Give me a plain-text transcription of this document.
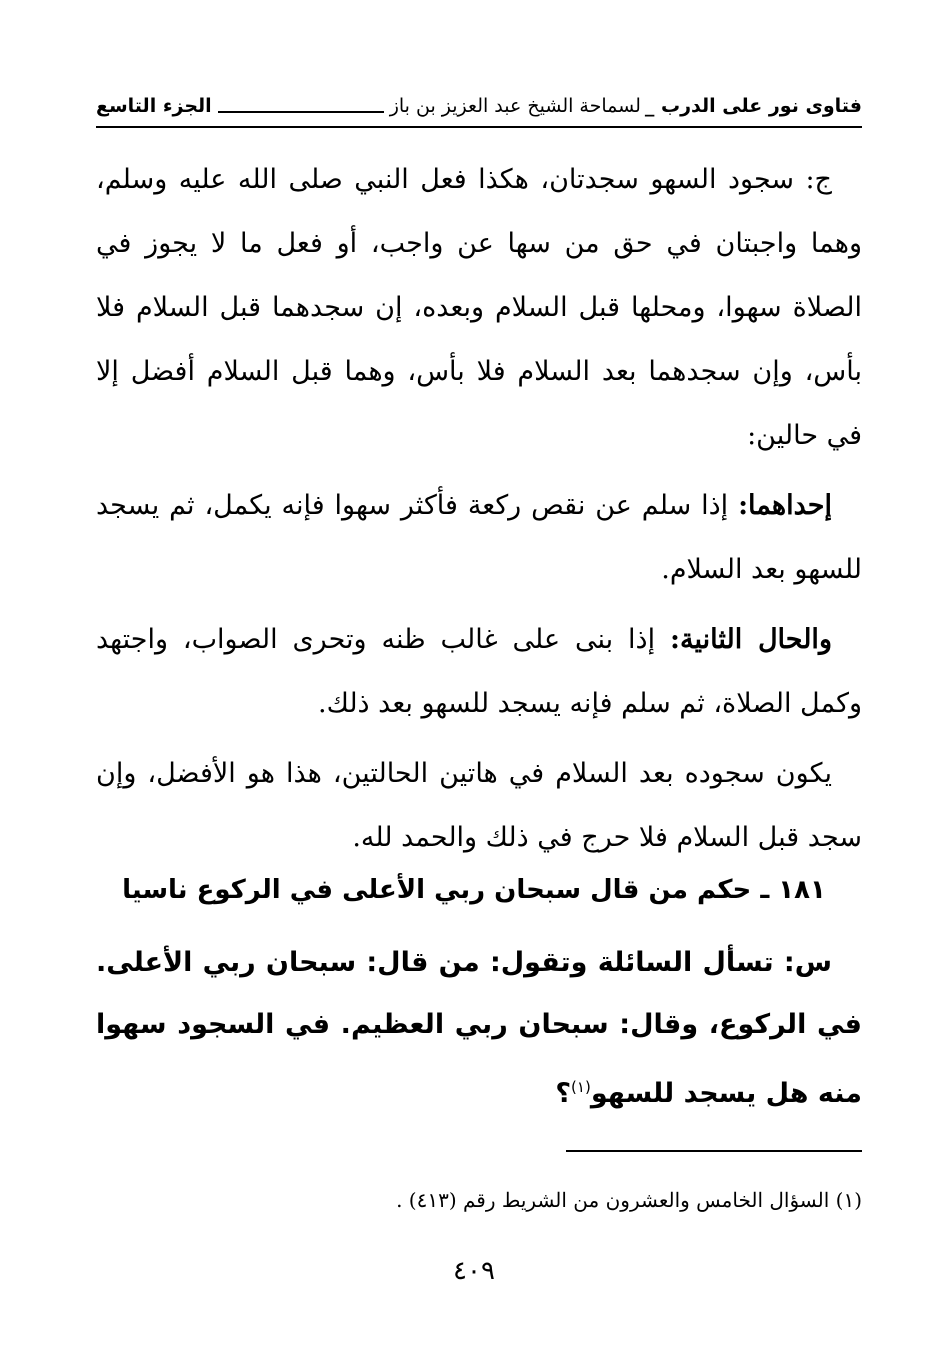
فتاوى نور على الدرب _
لسماحة الشيخ عبد العزيز بن باز
الجزء التاسع

ج: سجود السهو سجدتان، هكذا فعل النبي صلى الله عليه وسلم، وهما واجبتان في حق من سها عن واجب، أو فعل ما لا يجوز في الصلاة سهوا، ومحلها قبل السلام وبعده، إن سجدهما قبل السلام فلا بأس، وإن سجدهما بعد السلام فلا بأس، وهما قبل السلام أفضل إلا في حالين:

إحداهما: إذا سلم عن نقص ركعة فأكثر سهوا فإنه يكمل، ثم يسجد للسهو بعد السلام.

والحال الثانية: إذا بنى على غالب ظنه وتحرى الصواب، واجتهد وكمل الصلاة، ثم سلم فإنه يسجد للسهو بعد ذلك.

يكون سجوده بعد السلام في هاتين الحالتين، هذا هو الأفضل، وإن سجد قبل السلام فلا حرج في ذلك والحمد لله.

١٨١ ـ حكم من قال سبحان ربي الأعلى في الركوع ناسيا
س: تسأل السائلة وتقول: من قال: سبحان ربي الأعلى. في الركوع، وقال: سبحان ربي العظيم. في السجود سهوا منه هل يسجد للسهو$^{(١)}$؟
(١) السؤال الخامس والعشرون من الشريط رقم (٤١٣) .
٤٠٩
